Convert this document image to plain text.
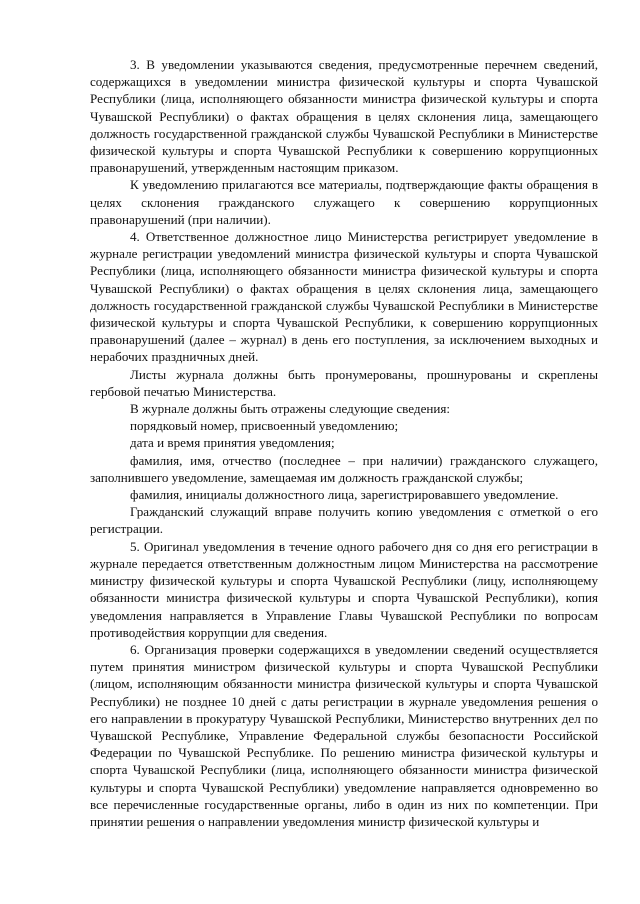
3. В уведомлении указываются сведения, предусмотренные перечнем сведений, содержащихся в уведомлении министра физической культуры и спорта Чувашской Республики (лица, исполняющего обязанности министра физической культуры и спорта Чувашской Республики) о фактах обращения в целях склонения лица, замещающего должность государственной гражданской службы Чувашской Республики в Министерстве физической культуры и спорта Чувашской Республики к совершению коррупционных правонарушений, утвержденным настоящим приказом.

К уведомлению прилагаются все материалы, подтверждающие факты обращения в целях склонения гражданского служащего к совершению коррупционных правонарушений (при наличии).

4. Ответственное должностное лицо Министерства регистрирует уведомление в журнале регистрации уведомлений министра физической культуры и спорта Чувашской Республики (лица, исполняющего обязанности министра физической культуры и спорта Чувашской Республики) о фактах обращения в целях склонения лица, замещающего должность государственной гражданской службы Чувашской Республики в Министерстве физической культуры и спорта Чувашской Республики, к совершению коррупционных правонарушений (далее – журнал) в день его поступления, за исключением выходных и нерабочих праздничных дней.

Листы журнала должны быть пронумерованы, прошнурованы и скреплены гербовой печатью Министерства.

В журнале должны быть отражены следующие сведения:

порядковый номер, присвоенный уведомлению;

дата и время принятия уведомления;

фамилия, имя, отчество (последнее – при наличии) гражданского служащего, заполнившего уведомление, замещаемая им должность гражданской службы;

фамилия, инициалы должностного лица, зарегистрировавшего уведомление.

Гражданский служащий вправе получить копию уведомления с отметкой о его регистрации.

5. Оригинал уведомления в течение одного рабочего дня со дня его регистрации в журнале передается ответственным должностным лицом Министерства на рассмотрение министру физической культуры и спорта Чувашской Республики (лицу, исполняющему обязанности министра физической культуры и спорта Чувашской Республики), копия уведомления направляется в Управление Главы Чувашской Республики по вопросам противодействия коррупции для сведения.

6. Организация проверки содержащихся в уведомлении сведений осуществляется путем принятия министром физической культуры и спорта Чувашской Республики (лицом, исполняющим обязанности министра физической культуры и спорта Чувашской Республики) не позднее 10 дней с даты регистрации в журнале уведомления решения о его направлении в прокуратуру Чувашской Республики, Министерство внутренних дел по Чувашской Республике, Управление Федеральной службы безопасности Российской Федерации по Чувашской Республике. По решению министра физической культуры и спорта Чувашской Республики (лица, исполняющего обязанности министра физической культуры и спорта Чувашской Республики) уведомление направляется одновременно во все перечисленные государственные органы, либо в один из них по компетенции. При принятии решения о направлении уведомления министр физической культуры и
